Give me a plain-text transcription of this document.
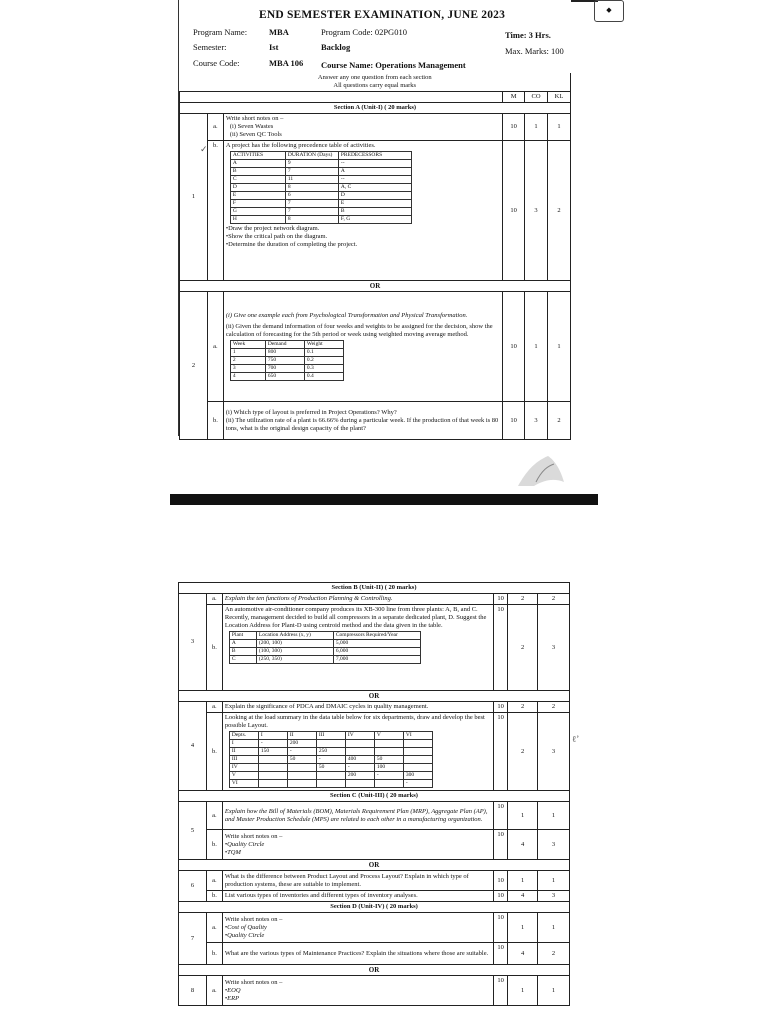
◆
END SEMESTER EXAMINATION, JUNE 2023
Program Name:	MBA	Program Code: 02PG010	Time: 3 Hrs.
Semester:	Ist	Backlog	Max. Marks: 100
Course Code:	MBA 106 Course Name: Operations Management
Answer any one question from each section
All questions carry equal marks

	M	CO	KL
Section A (Unit-I) ( 20 marks)
1	a.	
Write short notes on –
(i) Seven Wastes
(ii) Seven QC Tools
	10	1	1
b.	A project has the following precedence table of activities.
ACTIVITIES	DURATION (Days)	PREDECESSORS
A	9	--
B	7	A
C	11	--
D	8	A, C
E	6	D
F	7	E
G	7	B
H	8	F, G
• Draw the project network diagram.
• Show the critical path on the diagram.
• Determine the duration of completing the project.
	10	3	2
OR
2	a.	
(i) Give one example each from Psychological Transformation and Physical Transformation.
(ii) Given the demand information of four weeks and weights to be assigned for the decision, show the calculation of forecasting for the 5th period or week using weighted moving average method.
Week	Demand	Weight
1	800	0.1
2	750	0.2
3	700	0.3
4	650	0.4
	10	1	1
b.	
(i) Which type of layout is preferred in Project Operations? Why?
(ii) The utilization rate of a plant is 66.66% during a particular week. If the production of that week is 80 tons, what is the original design capacity of the plant?
	10	3	2
Section B (Unit-II) ( 20 marks)
3	a.	Explain the ten functions of Production Planning & Controlling.	10	2	2
b.	
An automotive air-conditioner company produces its XB-300 line from three plants: A, B, and C. Recently, management decided to build all compressors in a separate dedicated plant, D. Suggest the Location Address for Plant-D using centroid method and the data given in the table.
Plant	Location Address (x, y)	Compressors Required/Year
A	(200, 100)	5,000
B	(100, 300)	6,000
C	(250, 350)	7,000
	10	2	3
OR
4	a.	Explain the significance of PDCA and DMAIC cycles in quality management.	10	2	2
b.	
Looking at the load summary in the data table below for six departments, draw and develop the best possible Layout.
Depts.	I	II	III	IV	V	VI
I	-	200				
II	150	-	250			
III		50	-	400	50	
IV			50	-	100	
V				200	-	300
VI						-
	10	2	3
Section C (Unit-III) ( 20 marks)
5	a.	Explain how the Bill of Materials (BOM), Materials Requirement Plan (MRP), Aggregate Plan (AP), and Master Production Schedule (MPS) are related to each other in a manufacturing organization.	10	1	1
b.	
Write short notes on –
• Quality Circle
• TQM
	10	4	3
OR
6	a.	What is the difference between Product Layout and Process Layout? Explain in which type of production systems, these are suitable to implement.	10	1	1
b.	List various types of inventories and different types of inventory analyses.	10	4	3
Section D (Unit-IV) ( 20 marks)
7	a.	
Write short notes on –
• Cost of Quality
• Quality Circle
	10	1	1
b.	What are the various types of Maintenance Practices? Explain the situations where those are suitable.	10	4	2
OR
8	a.	
Write short notes on –
• EOQ
• ERP
	10	1	1
ℓ’
✓
